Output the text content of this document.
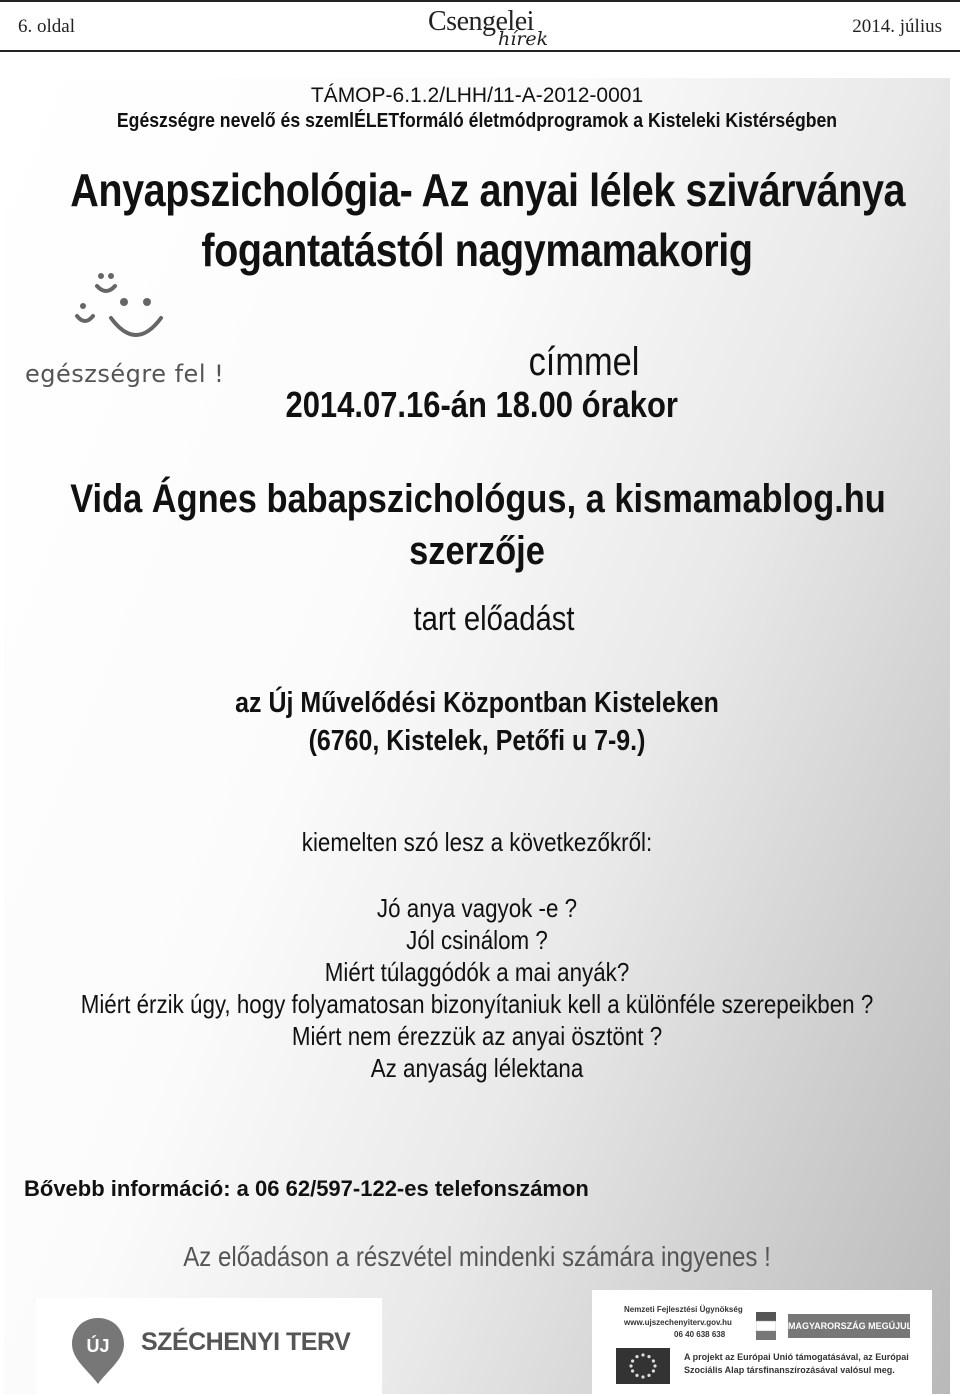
6. oldal	Csengelei
hírek
2014. július
TÁMOP-6.1.2/LHH/11-A-2012-0001
Egészségre nevelő és szemlÉLETformáló életmódprogramok a Kisteleki Kistérségben
Anyapszichológia- Az anyai lélek szivárványa
fogantatástól nagymamakorig
egészségre fel !	címmel
2014.07.16-án 18.00 órakor
Vida Ágnes babapszichológus, a kismamablog.hu
szerzője
tart előadást
az Új Művelődési Központban Kisteleken
(6760, Kistelek, Petőfi u 7-9.)
kiemelten szó lesz a következőkről:
Jó anya vagyok -e ?
Jól csinálom ?
Miért túlaggódók a mai anyák?
Miért érzik úgy, hogy folyamatosan bizonyítaniuk kell a különféle szerepeikben ?
Miért nem érezzük az anyai ösztönt ?
Az anyaság lélektana
Bővebb információ: a 06 62/597-122-es telefonszámon
Az előadáson a részvétel mindenki számára ingyenes !
ÚJ SZÉCHENYI TERV
Nemzeti Fejlesztési Ügynökség
www.ujszechenyiterv.gov.hu
06 40 638 638
MAGYARORSZÁG MEGÚJUL
A projekt az Európai Unió támogatásával, az Európai
Szociális Alap társfinanszírozásával valósul meg.
